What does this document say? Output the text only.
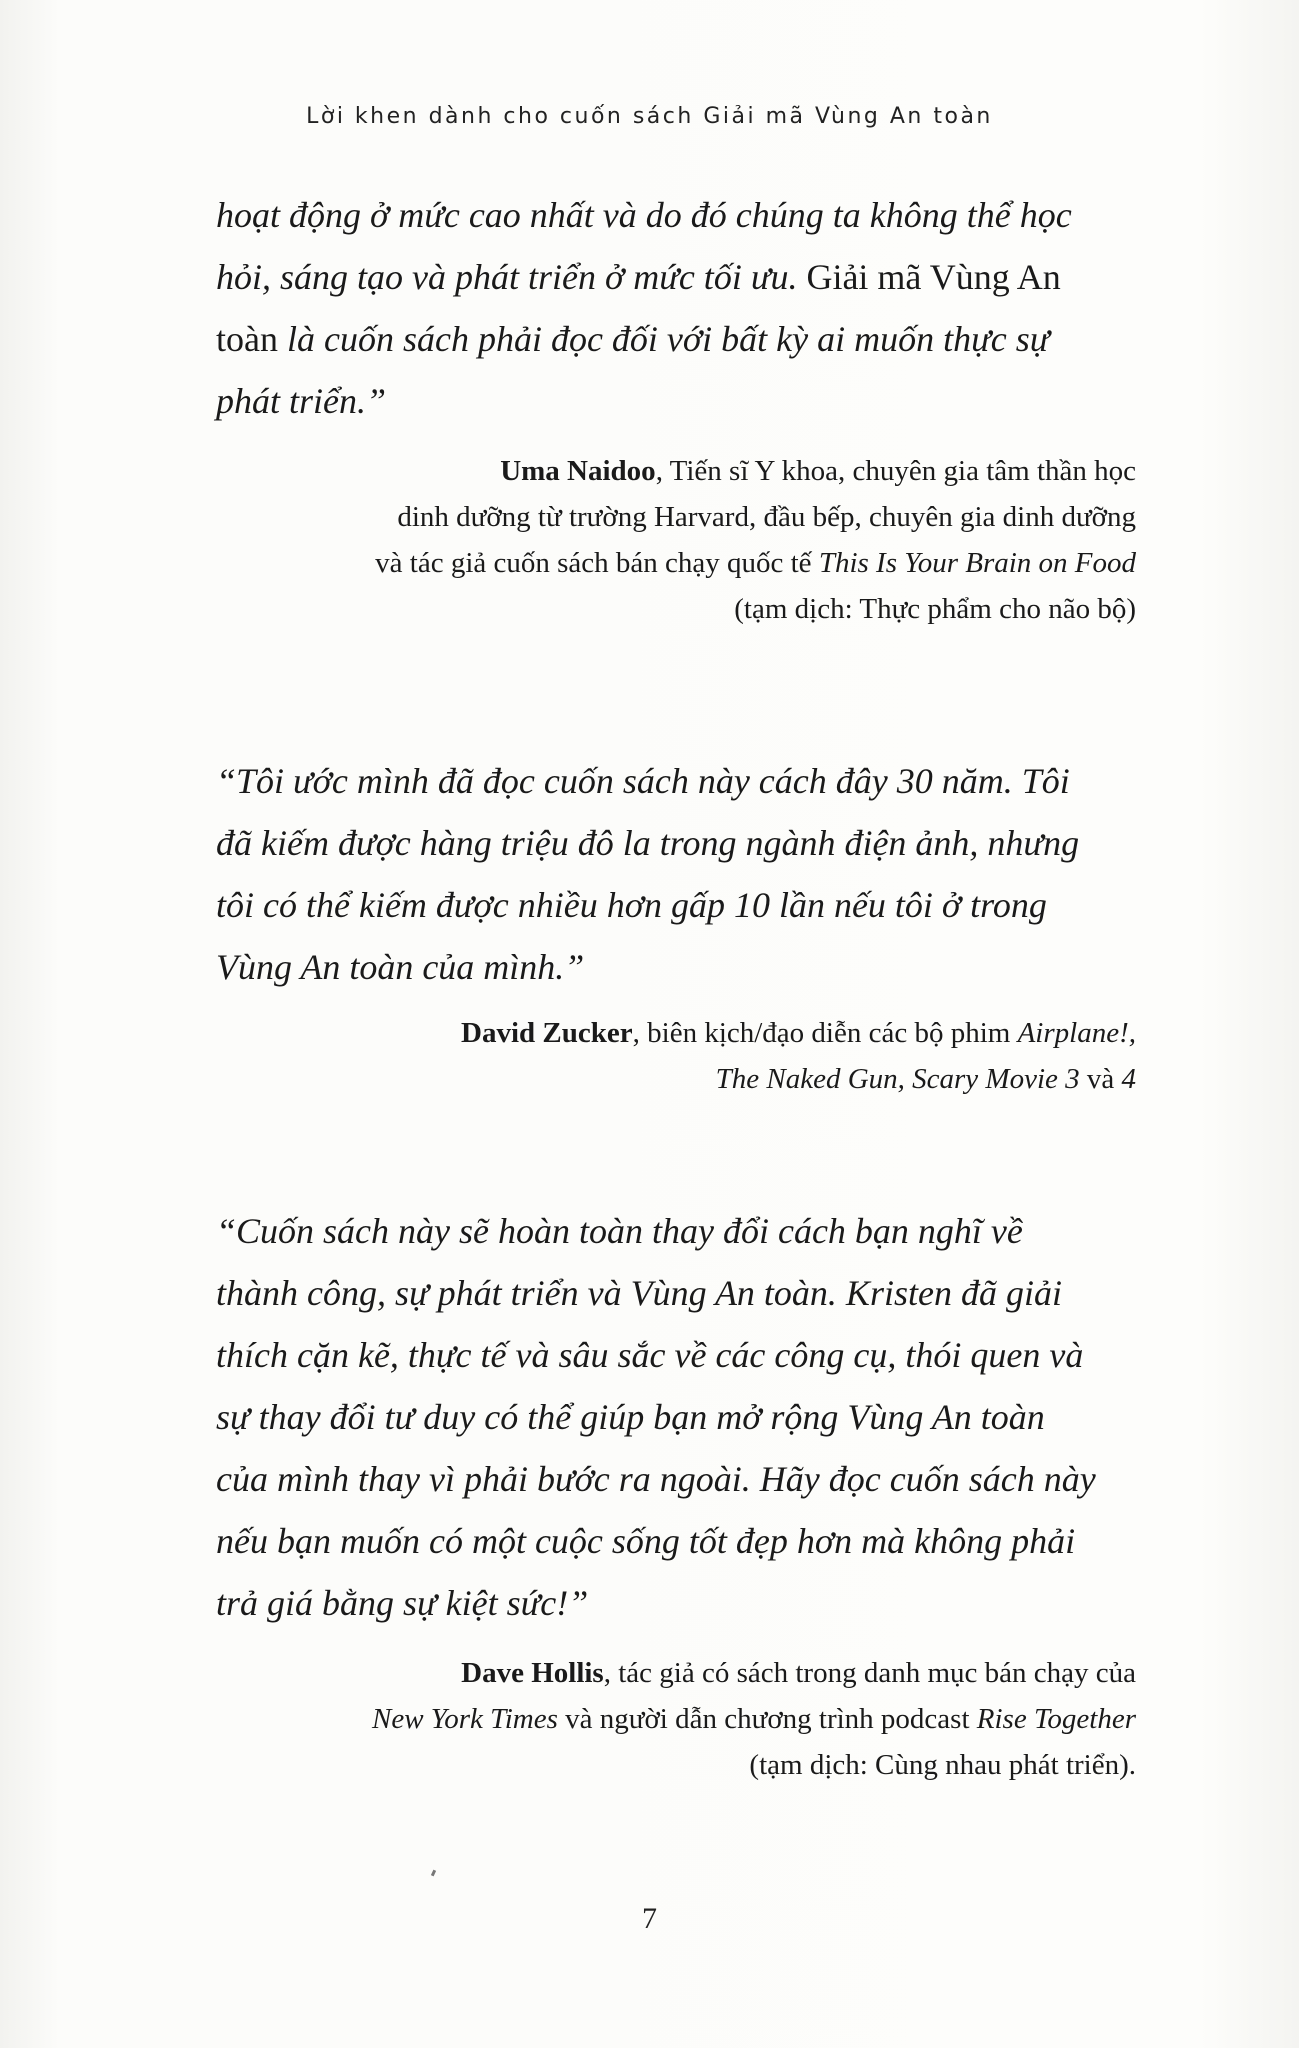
Lời khen dành cho cuốn sách Giải mã Vùng An toàn
hoạt động ở mức cao nhất và do đó chúng ta không thể học
hỏi, sáng tạo và phát triển ở mức tối ưu. Giải mã Vùng An
toàn là cuốn sách phải đọc đối với bất kỳ ai muốn thực sự
phát triển.”
Uma Naidoo, Tiến sĩ Y khoa, chuyên gia tâm thần học
dinh dưỡng từ trường Harvard, đầu bếp, chuyên gia dinh dưỡng
và tác giả cuốn sách bán chạy quốc tế This Is Your Brain on Food
(tạm dịch: Thực phẩm cho não bộ)
“Tôi ước mình đã đọc cuốn sách này cách đây 30 năm. Tôi
đã kiếm được hàng triệu đô la trong ngành điện ảnh, nhưng
tôi có thể kiếm được nhiều hơn gấp 10 lần nếu tôi ở trong
Vùng An toàn của mình.”
David Zucker, biên kịch/đạo diễn các bộ phim Airplane!,
The Naked Gun, Scary Movie 3 và 4
“Cuốn sách này sẽ hoàn toàn thay đổi cách bạn nghĩ về
thành công, sự phát triển và Vùng An toàn. Kristen đã giải
thích cặn kẽ, thực tế và sâu sắc về các công cụ, thói quen và
sự thay đổi tư duy có thể giúp bạn mở rộng Vùng An toàn
của mình thay vì phải bước ra ngoài. Hãy đọc cuốn sách này
nếu bạn muốn có một cuộc sống tốt đẹp hơn mà không phải
trả giá bằng sự kiệt sức!”
Dave Hollis, tác giả có sách trong danh mục bán chạy của
New York Times và người dẫn chương trình podcast Rise Together
(tạm dịch: Cùng nhau phát triển).
7
